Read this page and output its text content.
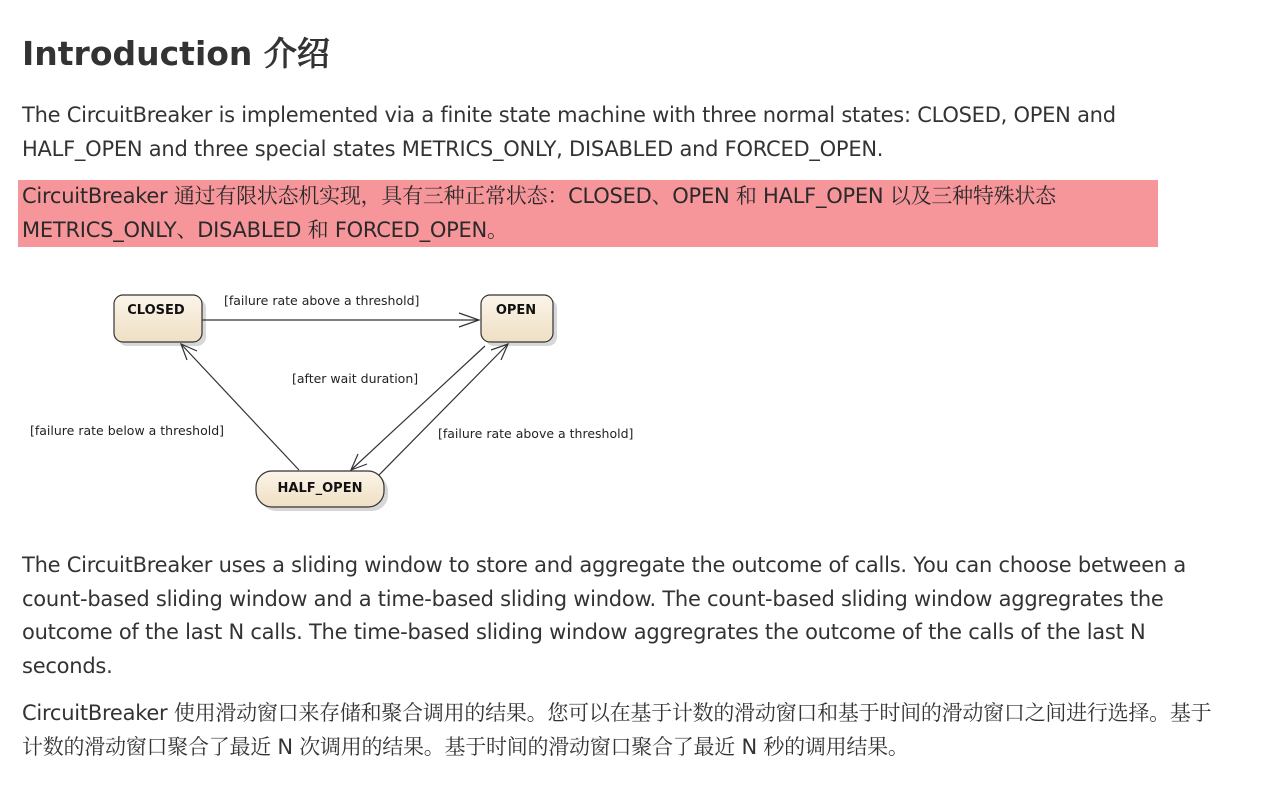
Introduction 介绍

The CircuitBreaker is implemented via a finite state machine with three normal states: CLOSED, OPEN and HALF_OPEN and three special states METRICS_ONLY, DISABLED and FORCED_OPEN.

CircuitBreaker 通过有限状态机实现，具有三种正常状态：CLOSED、OPEN 和 HALF_OPEN 以及三种特殊状态 METRICS_ONLY、DISABLED 和 FORCED_OPEN。

The CircuitBreaker uses a sliding window to store and aggregate the outcome of calls. You can choose between a count-based sliding window and a time-based sliding window. The count-based sliding window aggregrates the outcome of the last N calls. The time-based sliding window aggregrates the outcome of the calls of the last N seconds.

CircuitBreaker 使用滑动窗口来存储和聚合调用的结果。您可以在基于计数的滑动窗口和基于时间的滑动窗口之间进行选择。基于计数的滑动窗口聚合了最近 N 次调用的结果。基于时间的滑动窗口聚合了最近 N 秒的调用结果。

CLOSED	OPEN
HALF_OPEN
[failure rate above a threshold]
[after wait duration]
[failure rate above a threshold]
[failure rate below a threshold]
